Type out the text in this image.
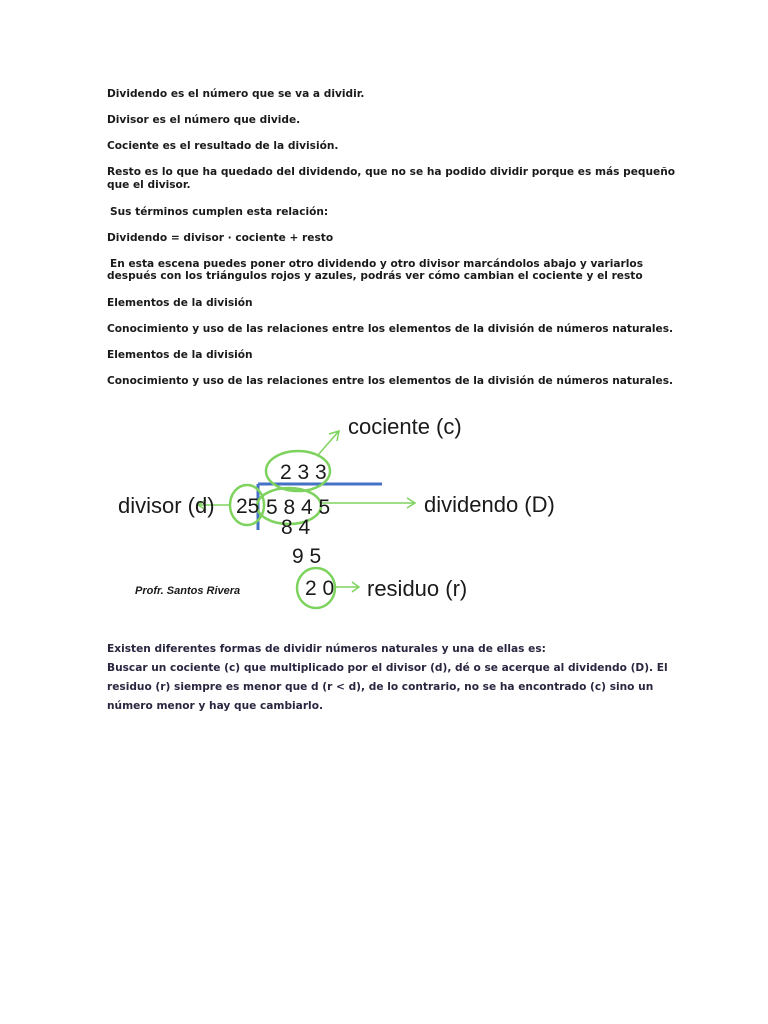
Dividendo es el número que se va a dividir.

Divisor es el número que divide.

Cociente es el resultado de la división.

Resto es lo que ha quedado del dividendo, que no se ha podido dividir porque es más pequeño

que el divisor.

Sus términos cumplen esta relación:

Dividendo = divisor · cociente + resto

En esta escena puedes poner otro dividendo y otro divisor marcándolos abajo y variarlos

después con los triángulos rojos y azules, podrás ver cómo cambian el cociente y el resto

Elementos de la división

Conocimiento y uso de las relaciones entre los elementos de la división de números naturales.

Elementos de la división

Conocimiento y uso de las relaciones entre los elementos de la división de números naturales.

cociente (c)
divisor (d)	dividendo (D)
residuo (r)
2 3 3
25 5 8 4 5
8 4
9 5
2 0
Profr. Santos Rivera

Existen diferentes formas de dividir números naturales y una de ellas es:

Buscar un cociente (c) que multiplicado por el divisor (d), dé o se acerque al dividendo (D). El

residuo (r) siempre es menor que d (r < d), de lo contrario, no se ha encontrado (c) sino un

número menor y hay que cambiarlo.
